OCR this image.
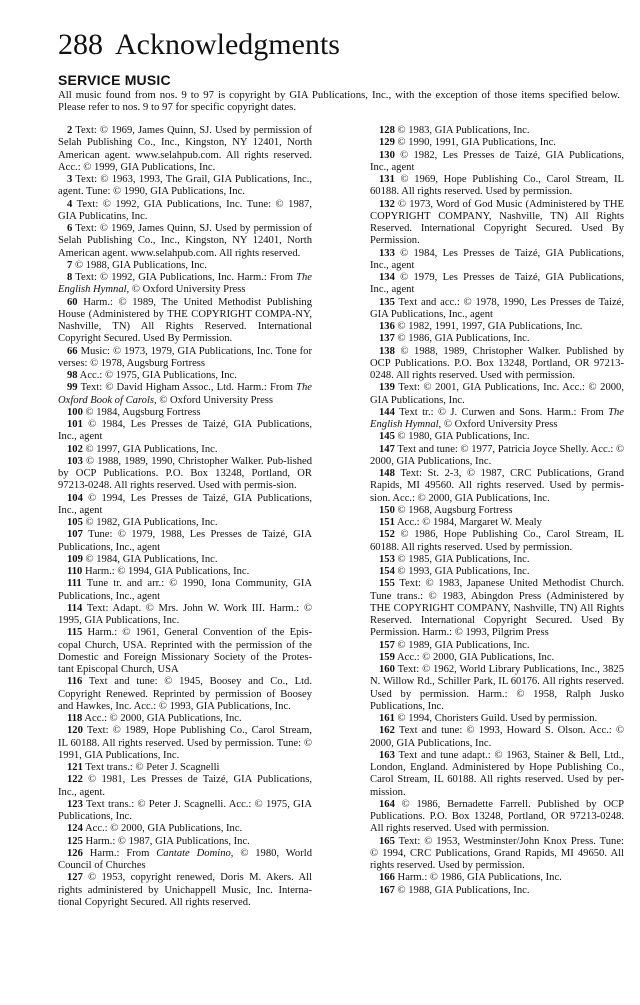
288 Acknowledgments
SERVICE MUSIC
All music found from nos. 9 to 97 is copyright by GIA Publications, Inc., with the exception of those items specified below. Please refer to nos. 9 to 97 for specific copyright dates.

2 Text: © 1969, James Quinn, SJ. Used by permission of Selah Publishing Co., Inc., Kingston, NY 12401, North American agent. www.selahpub.com. All rights reserved. Acc.: © 1999, GIA Publications, Inc.

3 Text: © 1963, 1993, The Grail, GIA Publications, Inc., agent. Tune: © 1990, GIA Publications, Inc.

4 Text: © 1992, GIA Publications, Inc. Tune: © 1987, GIA Publicatins, Inc.

6 Text: © 1969, James Quinn, SJ. Used by permission of Selah Publishing Co., Inc., Kingston, NY 12401, North American agent. www.selahpub.com. All rights reserved.

7 © 1988, GIA Publications, Inc.

8 Text: © 1992, GIA Publications, Inc. Harm.: From The English Hymnal, © Oxford University Press

60 Harm.: © 1989, The United Methodist Publishing House (Administered by THE COPYRIGHT COMPA-NY, Nashville, TN) All Rights Reserved. International Copyright Secured. Used By Permission.

66 Music: © 1973, 1979, GIA Publications, Inc. Tone for verses: © 1978, Augsburg Fortress

98 Acc.: © 1975, GIA Publications, Inc.

99 Text: © David Higham Assoc., Ltd. Harm.: From The Oxford Book of Carols, © Oxford University Press

100 © 1984, Augsburg Fortress

101 © 1984, Les Presses de Taizé, GIA Publications, Inc., agent

102 © 1997, GIA Publications, Inc.

103 © 1988, 1989, 1990, Christopher Walker. Pub-lished by OCP Publications. P.O. Box 13248, Portland, OR 97213-0248. All rights reserved. Used with permis-sion.

104 © 1994, Les Presses de Taizé, GIA Publications, Inc., agent

105 © 1982, GIA Publications, Inc.

107 Tune: © 1979, 1988, Les Presses de Taizé, GIA Publications, Inc., agent

109 © 1984, GIA Publications, Inc.

110 Harm.: © 1994, GIA Publications, Inc.

111 Tune tr. and arr.: © 1990, Iona Community, GIA Publications, Inc., agent

114 Text: Adapt. © Mrs. John W. Work III. Harm.: © 1995, GIA Publications, Inc.

115 Harm.: © 1961, General Convention of the Epis-copal Church, USA. Reprinted with the permission of the Domestic and Foreign Missionary Society of the Protes-tant Episcopal Church, USA

116 Text and tune: © 1945, Boosey and Co., Ltd. Copyright Renewed. Reprinted by permission of Boosey and Hawkes, Inc. Acc.: © 1993, GIA Publications, Inc.

118 Acc.: © 2000, GIA Publications, Inc.

120 Text: © 1989, Hope Publishing Co., Carol Stream, IL 60188. All rights reserved. Used by permission. Tune: © 1991, GIA Publications, Inc.

121 Text trans.: © Peter J. Scagnelli

122 © 1981, Les Presses de Taizé, GIA Publications, Inc., agent.

123 Text trans.: © Peter J. Scagnelli. Acc.: © 1975, GIA Publications, Inc.

124 Acc.: © 2000, GIA Publications, Inc.

125 Harm.: © 1987, GIA Publications, Inc.

126 Harm.: From Cantate Domino, © 1980, World Council of Churches

127 © 1953, copyright renewed, Doris M. Akers. All rights administered by Unichappell Music, Inc. Interna-tional Copyright Secured. All rights reserved.

128 © 1983, GIA Publications, Inc.

129 © 1990, 1991, GIA Publications, Inc.

130 © 1982, Les Presses de Taizé, GIA Publications, Inc., agent

131 © 1969, Hope Publishing Co., Carol Stream, IL 60188. All rights reserved. Used by permission.

132 © 1973, Word of God Music (Administered by THE COPYRIGHT COMPANY, Nashville, TN) All Rights Reserved. International Copyright Secured. Used By Permission.

133 © 1984, Les Presses de Taizé, GIA Publications, Inc., agent

134 © 1979, Les Presses de Taizé, GIA Publications, Inc., agent

135 Text and acc.: © 1978, 1990, Les Presses de Taizé, GIA Publications, Inc., agent

136 © 1982, 1991, 1997, GIA Publications, Inc.

137 © 1986, GIA Publications, Inc.

138 © 1988, 1989, Christopher Walker. Published by OCP Publications. P.O. Box 13248, Portland, OR 97213-0248. All rights reserved. Used with permission.

139 Text: © 2001, GIA Publications, Inc. Acc.: © 2000, GIA Publications, Inc.

144 Text tr.: © J. Curwen and Sons. Harm.: From The English Hymnal, © Oxford University Press

145 © 1980, GIA Publications, Inc.

147 Text and tune: © 1977, Patricia Joyce Shelly. Acc.: © 2000, GIA Publications, Inc.

148 Text: St. 2-3, © 1987, CRC Publications, Grand Rapids, MI 49560. All rights reserved. Used by permis-sion. Acc.: © 2000, GIA Publications, Inc.

150 © 1968, Augsburg Fortress

151 Acc.: © 1984, Margaret W. Mealy

152 © 1986, Hope Publishing Co., Carol Stream, IL 60188. All rights reserved. Used by permission.

153 © 1985, GIA Publications, Inc.

154 © 1993, GIA Publications, Inc.

155 Text: © 1983, Japanese United Methodist Church. Tune trans.: © 1983, Abingdon Press (Administered by THE COPYRIGHT COMPANY, Nashville, TN) All Rights Reserved. International Copyright Secured. Used By Permission. Harm.: © 1993, Pilgrim Press

157 © 1989, GIA Publications, Inc.

159 Acc.: © 2000, GIA Publications, Inc.

160 Text: © 1962, World Library Publications, Inc., 3825 N. Willow Rd., Schiller Park, IL 60176. All rights reserved. Used by permission. Harm.: © 1958, Ralph Jusko Publications, Inc.

161 © 1994, Choristers Guild. Used by permission.

162 Text and tune: © 1993, Howard S. Olson. Acc.: © 2000, GIA Publications, Inc.

163 Text and tune adapt.: © 1963, Stainer & Bell, Ltd., London, England. Administered by Hope Publishing Co., Carol Stream, IL 60188. All rights reserved. Used by per-mission.

164 © 1986, Bernadette Farrell. Published by OCP Publications. P.O. Box 13248, Portland, OR 97213-0248. All rights reserved. Used with permission.

165 Text: © 1953, Westminster/John Knox Press. Tune: © 1994, CRC Publications, Grand Rapids, MI 49650. All rights reserved. Used by permission.

166 Harm.: © 1986, GIA Publications, Inc.

167 © 1988, GIA Publications, Inc.
